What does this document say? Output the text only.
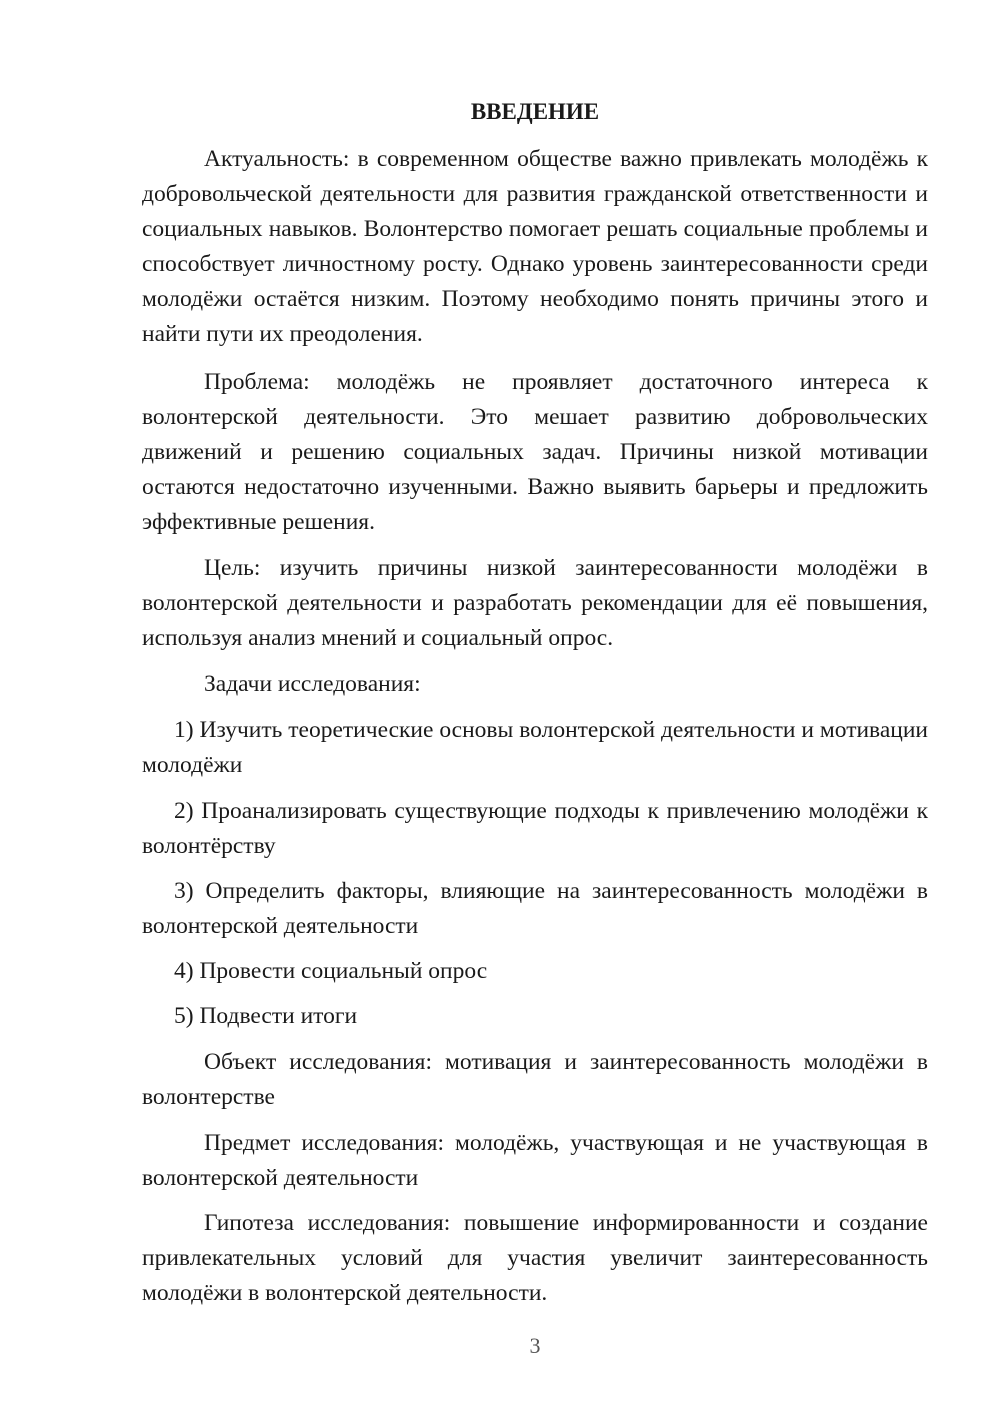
ВВЕДЕНИЕ

Актуальность: в современном обществе важно привлекать молодёжь к добровольческой деятельности для развития гражданской ответственности и социальных навыков. Волонтерство помогает решать социальные проблемы и способствует личностному росту. Однако уровень заинтересованности среди молодёжи остаётся низким. Поэтому необходимо понять причины этого и найти пути их преодоления.

Проблема: молодёжь не проявляет достаточного интереса к волонтерской деятельности. Это мешает развитию добровольческих движений и решению социальных задач. Причины низкой мотивации остаются недостаточно изученными. Важно выявить барьеры и предложить эффективные решения.

Цель: изучить причины низкой заинтересованности молодёжи в волонтерской деятельности и разработать рекомендации для её повышения, используя анализ мнений и социальный опрос.

Задачи исследования:

1) Изучить теоретические основы волонтерской деятельности и мотивации молодёжи

2) Проанализировать существующие подходы к привлечению молодёжи к волонтёрству

3) Определить факторы, влияющие на заинтересованность молодёжи в волонтерской деятельности

4) Провести социальный опрос

5) Подвести итоги

Объект исследования: мотивация и заинтересованность молодёжи в волонтерстве

Предмет исследования: молодёжь, участвующая и не участвующая в волонтерской деятельности

Гипотеза исследования: повышение информированности и создание привлекательных условий для участия увеличит заинтересованность молодёжи в волонтерской деятельности.

3
